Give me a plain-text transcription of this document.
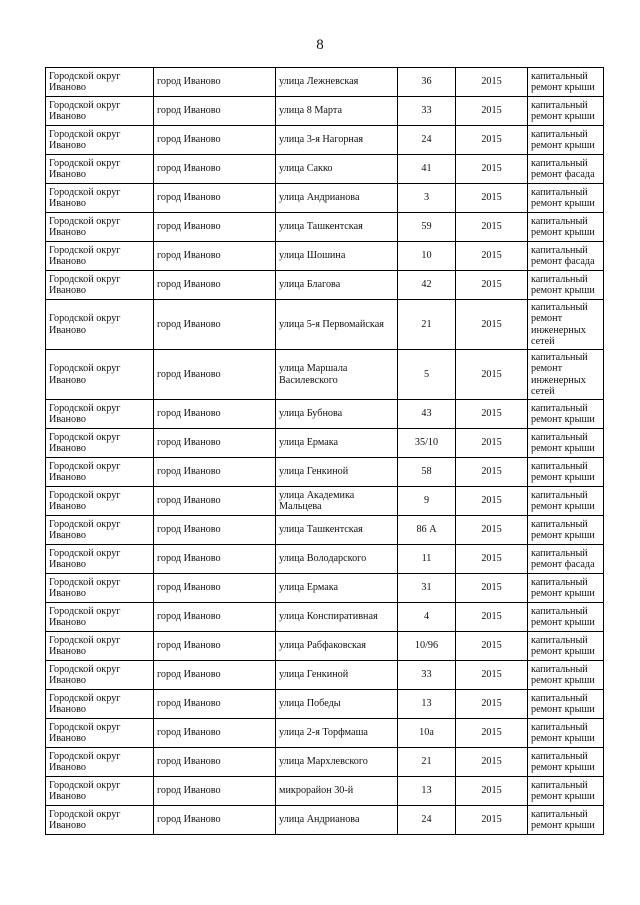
8
Городской округ Иваново	город Иваново	улица Лежневская	36	2015	капитальный ремонт крыши
Городской округ Иваново	город Иваново	улица 8 Марта	33	2015	капитальный ремонт крыши
Городской округ Иваново	город Иваново	улица 3-я Нагорная	24	2015	капитальный ремонт крыши
Городской округ Иваново	город Иваново	улица Сакко	41	2015	капитальный ремонт фасада
Городской округ Иваново	город Иваново	улица Андрианова	3	2015	капитальный ремонт крыши
Городской округ Иваново	город Иваново	улица Ташкентская	59	2015	капитальный ремонт крыши
Городской округ Иваново	город Иваново	улица Шошина	10	2015	капитальный ремонт фасада
Городской округ Иваново	город Иваново	улица Благова	42	2015	капитальный ремонт крыши
Городской округ Иваново	город Иваново	улица 5-я Первомайская	21	2015	капитальный ремонт инженерных сетей
Городской округ Иваново	город Иваново	улица Маршала Василевского	5	2015	капитальный ремонт инженерных сетей
Городской округ Иваново	город Иваново	улица Бубнова	43	2015	капитальный ремонт крыши
Городской округ Иваново	город Иваново	улица Ермака	35/10	2015	капитальный ремонт крыши
Городской округ Иваново	город Иваново	улица Генкиной	58	2015	капитальный ремонт крыши
Городской округ Иваново	город Иваново	улица Академика Мальцева	9	2015	капитальный ремонт крыши
Городской округ Иваново	город Иваново	улица Ташкентская	86 А	2015	капитальный ремонт крыши
Городской округ Иваново	город Иваново	улица Володарского	11	2015	капитальный ремонт фасада
Городской округ Иваново	город Иваново	улица Ермака	31	2015	капитальный ремонт крыши
Городской округ Иваново	город Иваново	улица Конспиративная	4	2015	капитальный ремонт крыши
Городской округ Иваново	город Иваново	улица Рабфаковская	10/96	2015	капитальный ремонт крыши
Городской округ Иваново	город Иваново	улица Генкиной	33	2015	капитальный ремонт крыши
Городской округ Иваново	город Иваново	улица Победы	13	2015	капитальный ремонт крыши
Городской округ Иваново	город Иваново	улица 2-я Торфмаша	10а	2015	капитальный ремонт крыши
Городской округ Иваново	город Иваново	улица Мархлевского	21	2015	капитальный ремонт крыши
Городской округ Иваново	город Иваново	микрорайон 30-й	13	2015	капитальный ремонт крыши
Городской округ Иваново	город Иваново	улица Андрианова	24	2015	капитальный ремонт крыши
